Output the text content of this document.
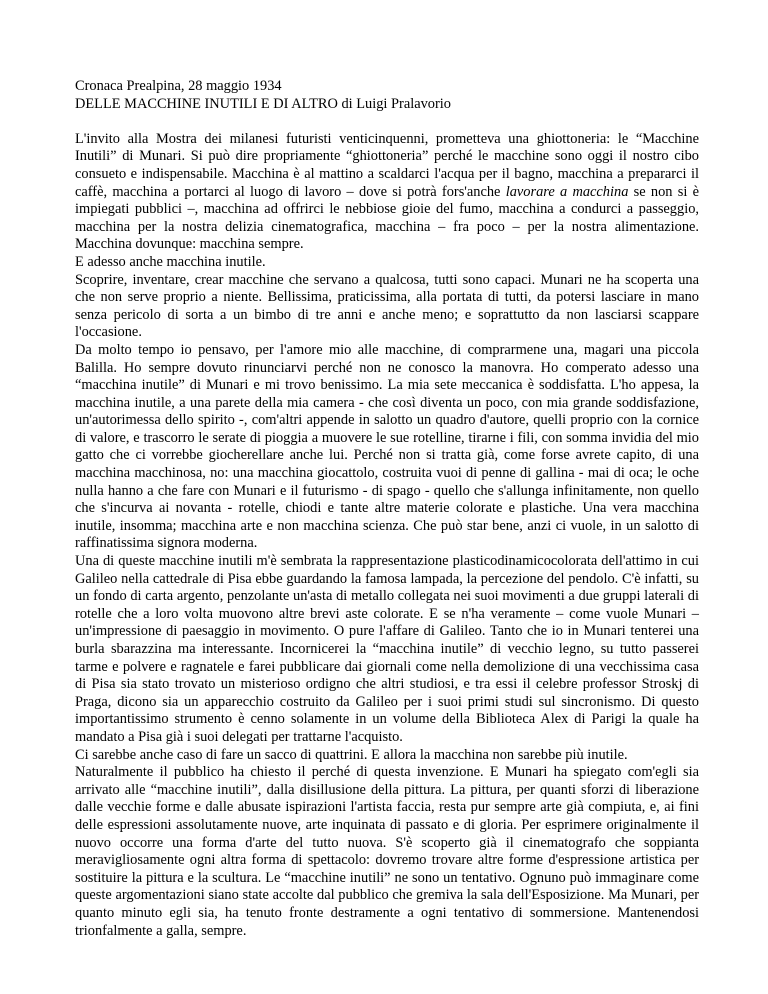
Cronaca Prealpina, 28 maggio 1934

DELLE MACCHINE INUTILI E DI ALTRO di Luigi Pralavorio

L'invito alla Mostra dei milanesi futuristi venticinquenni, prometteva una ghiottoneria: le “Macchine Inutili” di Munari. Si può dire propriamente “ghiottoneria” perché le macchine sono oggi il nostro cibo consueto e indispensabile. Macchina è al mattino a scaldarci l'acqua per il bagno, macchina a prepararci il caffè, macchina a portarci al luogo di lavoro – dove si potrà fors'anche lavorare a macchina se non si è impiegati pubblici –, macchina ad offrirci le nebbiose gioie del fumo, macchina a condurci a passeggio, macchina per la nostra delizia cinematografica, macchina – fra poco – per la nostra alimentazione. Macchina dovunque: macchina sempre.

E adesso anche macchina inutile.

Scoprire, inventare, crear macchine che servano a qualcosa, tutti sono capaci. Munari ne ha scoperta una che non serve proprio a niente. Bellissima, praticissima, alla portata di tutti, da potersi lasciare in mano senza pericolo di sorta a un bimbo di tre anni e anche meno; e soprattutto da non lasciarsi scappare l'occasione.

Da molto tempo io pensavo, per l'amore mio alle macchine, di comprarmene una, magari una piccola Balilla. Ho sempre dovuto rinunciarvi perché non ne conosco la manovra. Ho comperato adesso una “macchina inutile” di Munari e mi trovo benissimo. La mia sete meccanica è soddisfatta. L'ho appesa, la macchina inutile, a una parete della mia camera - che così diventa un poco, con mia grande soddisfazione, un'autorimessa dello spirito -, com'altri appende in salotto un quadro d'autore, quelli proprio con la cornice di valore, e trascorro le serate di pioggia a muovere le sue rotelline, tirarne i fili, con somma invidia del mio gatto che ci vorrebbe giocherellare anche lui. Perché non si tratta già, come forse avrete capito, di una macchina macchinosa, no: una macchina giocattolo, costruita vuoi di penne di gallina - mai di oca; le oche nulla hanno a che fare con Munari e il futurismo - di spago - quello che s'allunga infinitamente, non quello che s'incurva ai novanta - rotelle, chiodi e tante altre materie colorate e plastiche. Una vera macchina inutile, insomma; macchina arte e non macchina scienza. Che può star bene, anzi ci vuole, in un salotto di raffinatissima signora moderna.

Una di queste macchine inutili m'è sembrata la rappresentazione plasticodinamicocolorata dell'attimo in cui Galileo nella cattedrale di Pisa ebbe guardando la famosa lampada, la percezione del pendolo. C'è infatti, su un fondo di carta argento, penzolante un'asta di metallo collegata nei suoi movimenti a due gruppi laterali di rotelle che a loro volta muovono altre brevi aste colorate. E se n'ha veramente – come vuole Munari – un'impressione di paesaggio in movimento. O pure l'affare di Galileo. Tanto che io in Munari tenterei una burla sbarazzina ma interessante. Incornicerei la “macchina inutile” di vecchio legno, su tutto passerei tarme e polvere e ragnatele e farei pubblicare dai giornali come nella demolizione di una vecchissima casa di Pisa sia stato trovato un misterioso ordigno che altri studiosi, e tra essi il celebre professor Stroskj di Praga, dicono sia un apparecchio costruito da Galileo per i suoi primi studi sul sincronismo. Di questo importantissimo strumento è cenno solamente in un volume della Biblioteca Alex di Parigi la quale ha mandato a Pisa già i suoi delegati per trattarne l'acquisto.

Ci sarebbe anche caso di fare un sacco di quattrini. E allora la macchina non sarebbe più inutile.

Naturalmente il pubblico ha chiesto il perché di questa invenzione. E Munari ha spiegato com'egli sia arrivato alle “macchine inutili”, dalla disillusione della pittura. La pittura, per quanti sforzi di liberazione dalle vecchie forme e dalle abusate ispirazioni l'artista faccia, resta pur sempre arte già compiuta, e, ai fini delle espressioni assolutamente nuove, arte inquinata di passato e di gloria. Per esprimere originalmente il nuovo occorre una forma d'arte del tutto nuova. S'è scoperto già il cinematografo che soppianta meravigliosamente ogni altra forma di spettacolo: dovremo trovare altre forme d'espressione artistica per sostituire la pittura e la scultura. Le “macchine inutili” ne sono un tentativo. Ognuno può immaginare come queste argomentazioni siano state accolte dal pubblico che gremiva la sala dell'Esposizione. Ma Munari, per quanto minuto egli sia, ha tenuto fronte destramente a ogni tentativo di sommersione. Mantenendosi trionfalmente a galla, sempre.
